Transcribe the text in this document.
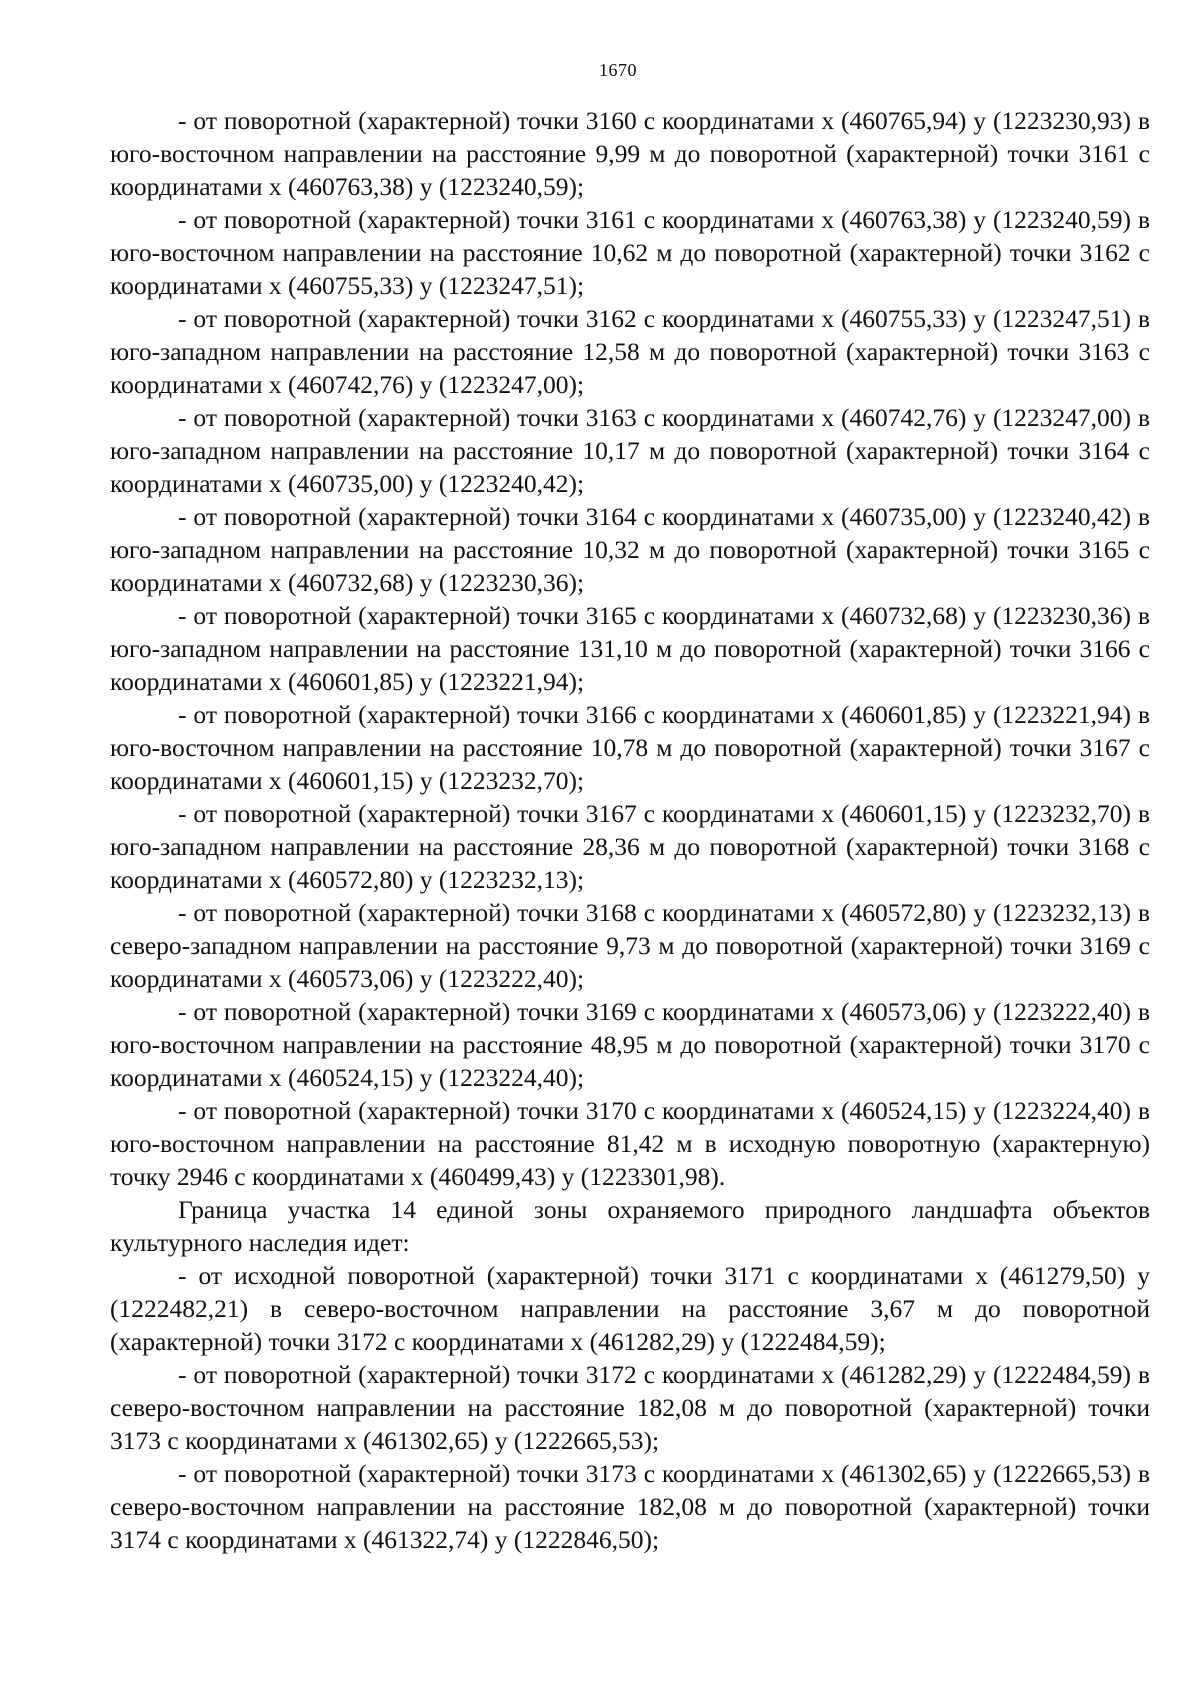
1670

- от поворотной (характерной) точки 3160 с координатами х (460765,94) у (1223230,93) в юго-восточном направлении на расстояние 9,99 м до поворотной (характерной) точки 3161 с координатами х (460763,38) у (1223240,59);

- от поворотной (характерной) точки 3161 с координатами х (460763,38) у (1223240,59) в юго-восточном направлении на расстояние 10,62 м до поворотной (характерной) точки 3162 с координатами х (460755,33) у (1223247,51);

- от поворотной (характерной) точки 3162 с координатами х (460755,33) у (1223247,51) в юго-западном направлении на расстояние 12,58 м до поворотной (характерной) точки 3163 с координатами х (460742,76) у (1223247,00);

- от поворотной (характерной) точки 3163 с координатами х (460742,76) у (1223247,00) в юго-западном направлении на расстояние 10,17 м до поворотной (характерной) точки 3164 с координатами х (460735,00) у (1223240,42);

- от поворотной (характерной) точки 3164 с координатами х (460735,00) у (1223240,42) в юго-западном направлении на расстояние 10,32 м до поворотной (характерной) точки 3165 с координатами х (460732,68) у (1223230,36);

- от поворотной (характерной) точки 3165 с координатами х (460732,68) у (1223230,36) в юго-западном направлении на расстояние 131,10 м до поворотной (характерной) точки 3166 с координатами х (460601,85) у (1223221,94);

- от поворотной (характерной) точки 3166 с координатами х (460601,85) у (1223221,94) в юго-восточном направлении на расстояние 10,78 м до поворотной (характерной) точки 3167 с координатами х (460601,15) у (1223232,70);

- от поворотной (характерной) точки 3167 с координатами х (460601,15) у (1223232,70) в юго-западном направлении на расстояние 28,36 м до поворотной (характерной) точки 3168 с координатами х (460572,80) у (1223232,13);

- от поворотной (характерной) точки 3168 с координатами х (460572,80) у (1223232,13) в северо-западном направлении на расстояние 9,73 м до поворотной (характерной) точки 3169 с координатами х (460573,06) у (1223222,40);

- от поворотной (характерной) точки 3169 с координатами х (460573,06) у (1223222,40) в юго-восточном направлении на расстояние 48,95 м до поворотной (характерной) точки 3170 с координатами х (460524,15) у (1223224,40);

- от поворотной (характерной) точки 3170 с координатами х (460524,15) у (1223224,40) в юго-восточном направлении на расстояние 81,42 м в исходную поворотную (характерную) точку 2946 с координатами х (460499,43) у (1223301,98).

Граница участка 14 единой зоны охраняемого природного ландшафта объектов культурного наследия идет:

- от исходной поворотной (характерной) точки 3171 с координатами х (461279,50) у (1222482,21) в северо-восточном направлении на расстояние 3,67 м до поворотной (характерной) точки 3172 с координатами х (461282,29) у (1222484,59);

- от поворотной (характерной) точки 3172 с координатами х (461282,29) у (1222484,59) в северо-восточном направлении на расстояние 182,08 м до поворотной (характерной) точки 3173 с координатами х (461302,65) у (1222665,53);

- от поворотной (характерной) точки 3173 с координатами х (461302,65) у (1222665,53) в северо-восточном направлении на расстояние 182,08 м до поворотной (характерной) точки 3174 с координатами х (461322,74) у (1222846,50);
